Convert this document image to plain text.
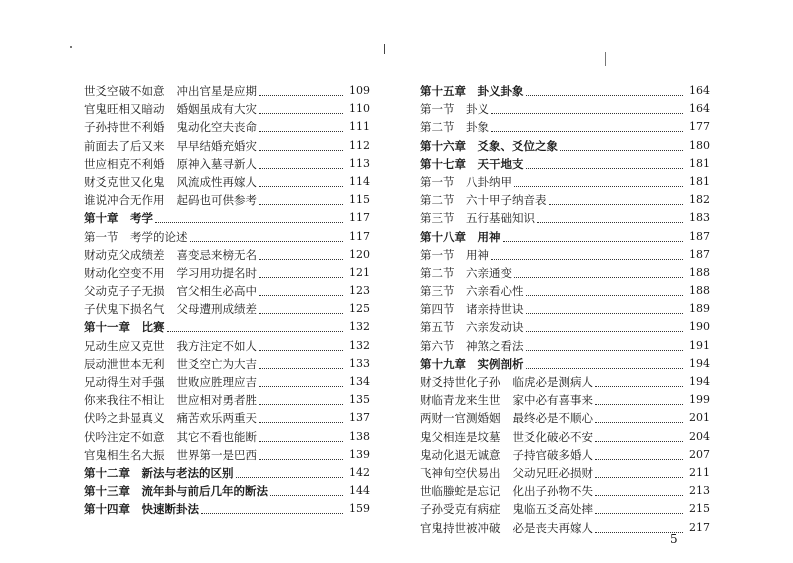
世爻空破不如意 冲出官星是应期	109
官鬼旺相又暗动 婚姻虽成有大灾	110
子孙持世不利婚 鬼动化空夫丧命	111
前面去了后又来 早早结婚充婚灾	112
世应相克不利婚 原神入墓寻新人	113
财爻克世又化鬼 风流成性再嫁人	114
谁说冲合无作用 起码也可供参考	115
第十章　考学	117
第一节　考学的论述	117
财动克父成绩差 喜变忌来榜无名	120
财动化空变不用 学习用功提名时	121
父动克子子无损 官父相生必高中	123
子伏鬼下损名气 父母遭刑成绩差	125
第十一章　比赛	132
兄动生应又克世 我方注定不如人	132
辰动泄世本无利 世爻空亡为大吉	133
兄动得生对手强 世败应胜理应吉	134
你来我往不相让 世应相对勇者胜	135
伏吟之卦显真义 痛苦欢乐两重天	137
伏吟注定不如意 其它不看也能断	138
官鬼相生名大振 世界第一是巴西	139
第十二章　新法与老法的区别	142
第十三章　流年卦与前后几年的断法	144
第十四章　快速断卦法	159
第十五章　卦义卦象	164
第一节　卦义	164
第二节　卦象	177
第十六章　爻象、爻位之象	180
第十七章　天干地支	181
第一节　八卦纳甲	181
第二节　六十甲子纳音表	182
第三节　五行基础知识	183
第十八章　用神	187
第一节　用神	187
第二节　六亲通变	188
第三节　六亲看心性	188
第四节　诸亲持世诀	189
第五节　六亲发动诀	190
第六节　神煞之看法	191
第十九章　实例剖析	194
财爻持世化子孙 临虎必是测病人	194
财临青龙来生世 家中必有喜事来	199
两财一官测婚姻 最终必是不顺心	201
鬼父相连是坟墓 世爻化破必不安	204
鬼动化退无诚意 子持官破多婚人	207
飞神旬空伏易出 父动兄旺必损财	211
世临螣蛇是忘记 化出子孙物不失	213
子孙受克有病症 鬼临五爻高处摔	215
官鬼持世被冲破 必是丧夫再嫁人	217
5
